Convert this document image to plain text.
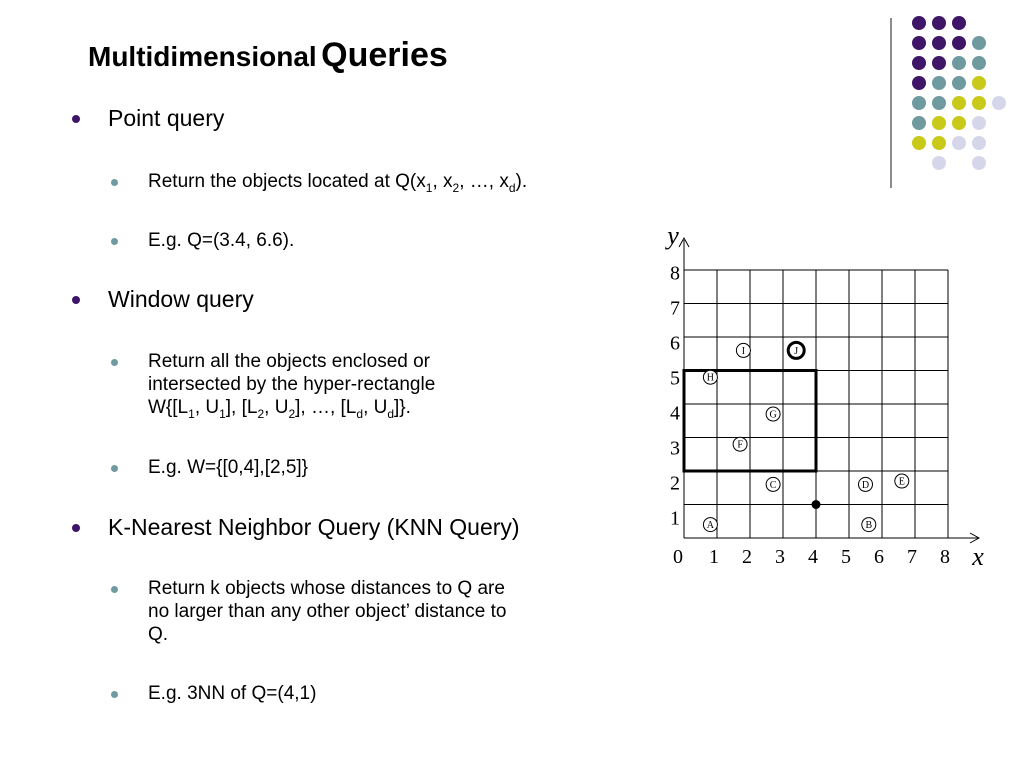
Multidimensional Queries
Point query
Return the objects located at $Q(x_1$, $x_2$, …, $x_d$).
E.g. Q=(3.4, 6.6).
Window query
Return all the objects enclosed or
intersected by the hyper-rectangle
$W\{[L_1$, $U_1$], [$L_2$, $U_2$], …, [$L_d$, $U_d$]}.
E.g. W={[0,4],[2,5]}
K-Nearest Neighbor Query (KNN Query)
Return k objects whose distances to Q are
no larger than any other object’ distance to
Q.
E.g. 3NN of Q=(4,1)
0 1 2 3 4 5 6 7 8
1
2
3
4
5
6
7
8
x
y
A	B
C	D	E
F
G
H
I	J
